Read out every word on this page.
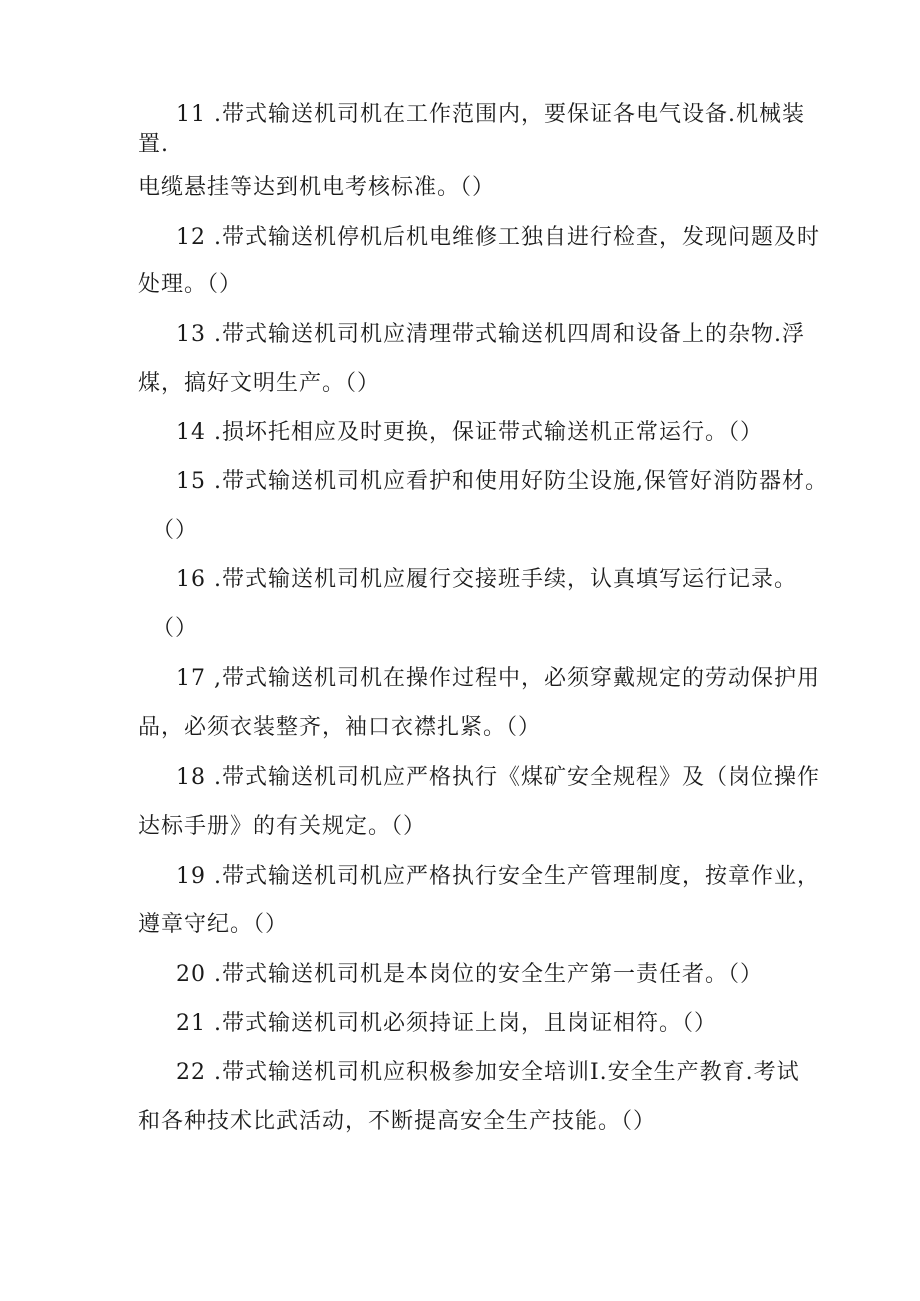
11 .带式输送机司机在工作范围内，要保证各电气设备.机械装

置.

电缆悬挂等达到机电考核标准。（）

12 .带式输送机停机后机电维修工独自进行检查，发现问题及时

处理。（）

13 .带式输送机司机应清理带式输送机四周和设备上的杂物.浮

煤，搞好文明生产。（）

14 .损坏托相应及时更换，保证带式输送机正常运行。（）

15 .带式输送机司机应看护和使用好防尘设施,保管好消防器材。

（）

16 .带式输送机司机应履行交接班手续，认真填写运行记录。

（）

17 ,带式输送机司机在操作过程中，必须穿戴规定的劳动保护用

品，必须衣装整齐，袖口衣襟扎紧。（）

18 .带式输送机司机应严格执行《煤矿安全规程》及（岗位操作

达标手册》的有关规定。（）

19 .带式输送机司机应严格执行安全生产管理制度，按章作业，

遵章守纪。（）

20 .带式输送机司机是本岗位的安全生产第一责任者。（）

21 .带式输送机司机必须持证上岗，且岗证相符。（）

22 .带式输送机司机应积极参加安全培训I.安全生产教育.考试

和各种技术比武活动，不断提高安全生产技能。（）
